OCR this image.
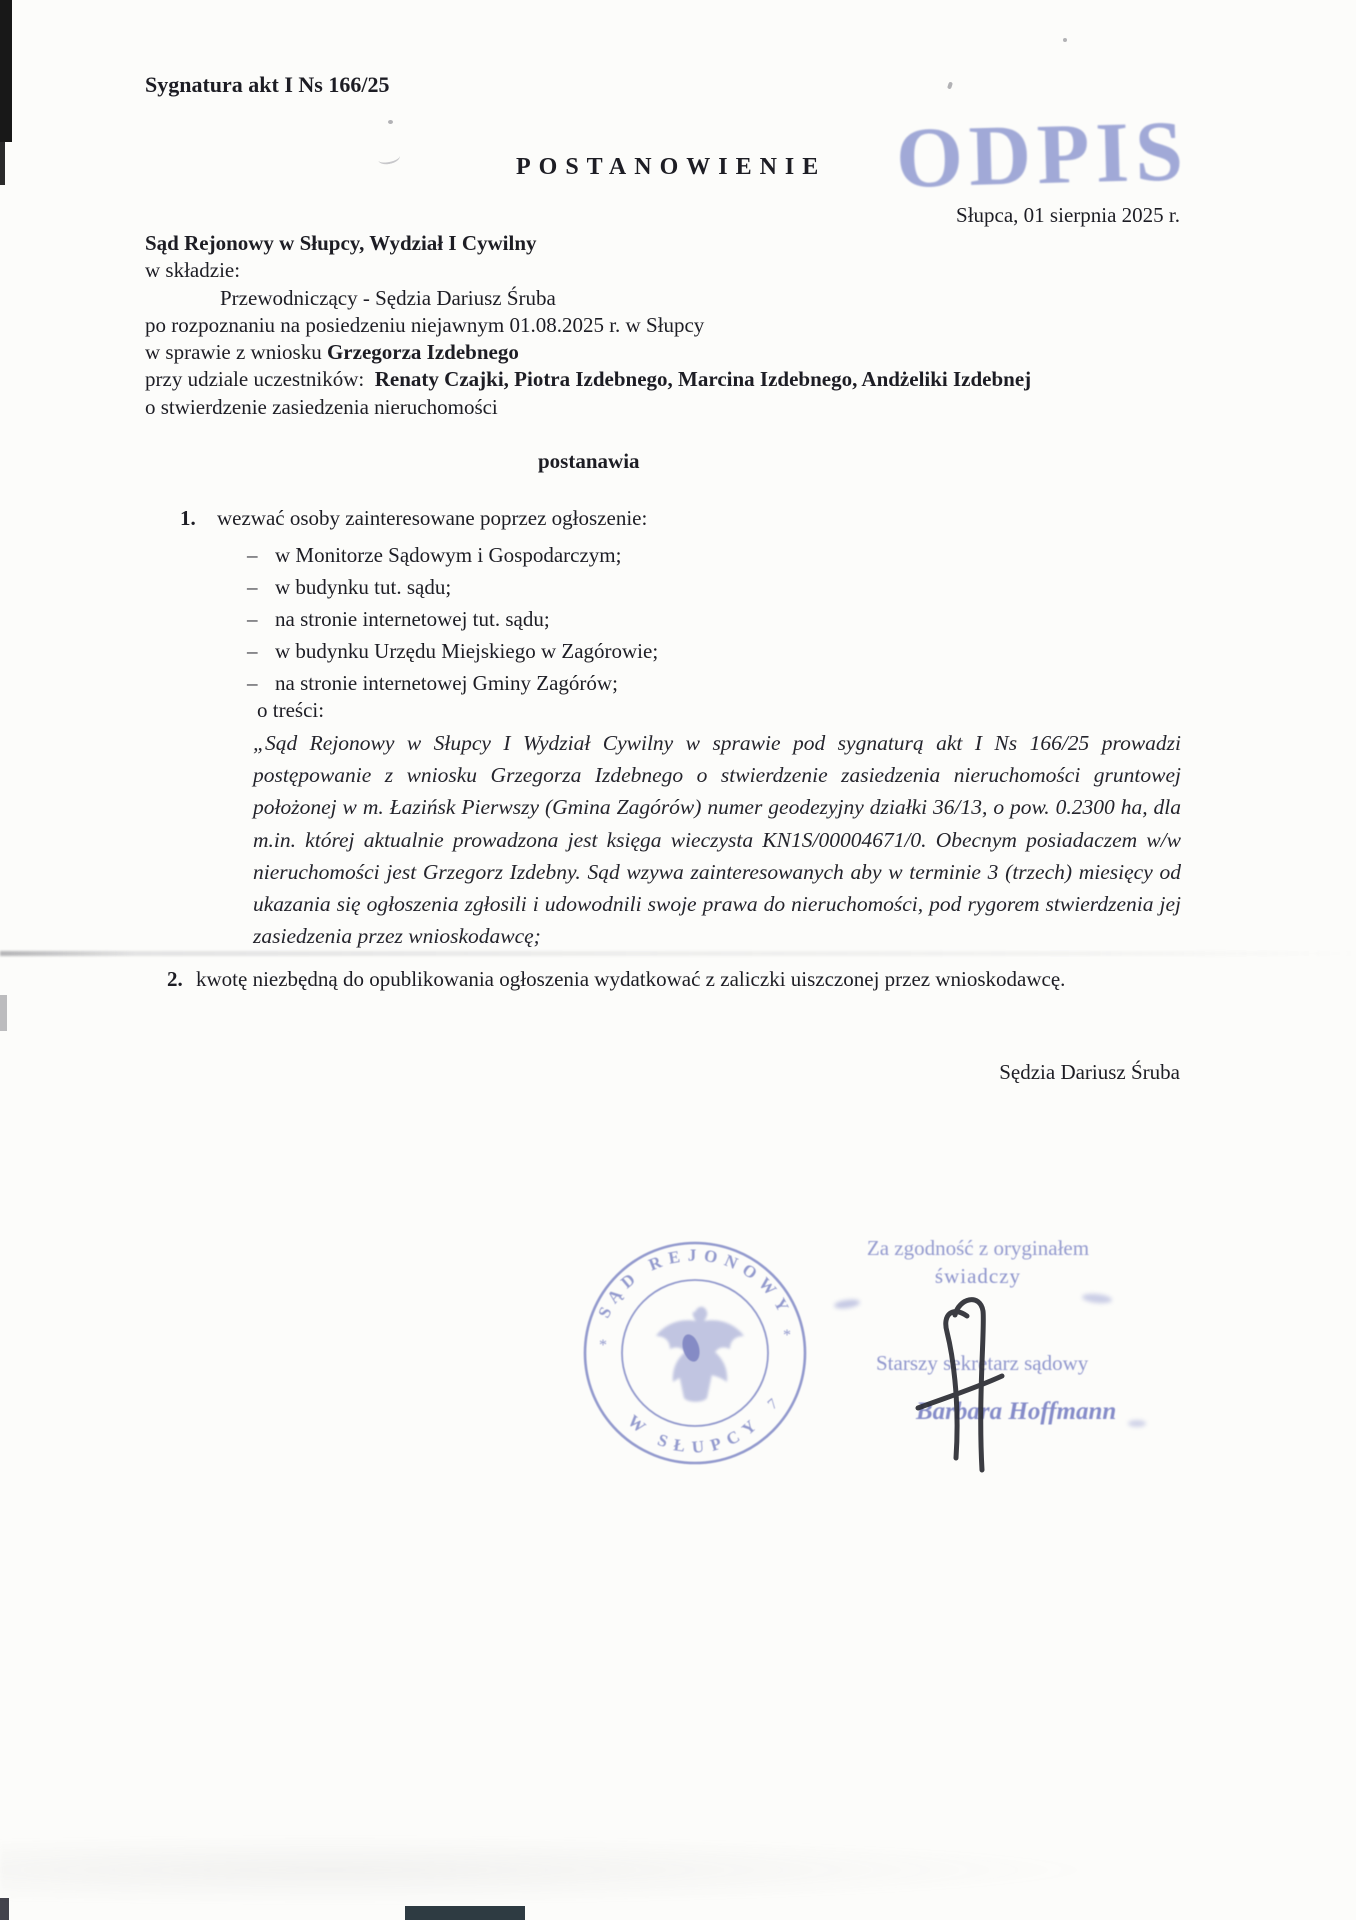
Sygnatura akt I Ns 166/25
POSTANOWIENIE ODPIS
Słupca, 01 sierpnia 2025 r.
Sąd Rejonowy w Słupcy, Wydział I Cywilny
w składzie:
Przewodniczący - Sędzia Dariusz Śruba
po rozpoznaniu na posiedzeniu niejawnym 01.08.2025 r. w Słupcy
w sprawie z wniosku Grzegorza Izdebnego
przy udziale uczestników: Renaty Czajki, Piotra Izdebnego, Marcina Izdebnego, Andżeliki Izdebnej
o stwierdzenie zasiedzenia nieruchomości
postanawia
1. wezwać osoby zainteresowane poprzez ogłoszenie:
– w Monitorze Sądowym i Gospodarczym;
– w budynku tut. sądu;
– na stronie internetowej tut. sądu;
– w budynku Urzędu Miejskiego w Zagórowie;
– na stronie internetowej Gminy Zagórów;
o treści:
„Sąd Rejonowy w Słupcy I Wydział Cywilny w sprawie pod sygnaturą akt I Ns 166/25 prowadzi postępowanie z wniosku Grzegorza Izdebnego o stwierdzenie zasiedzenia nieruchomości gruntowej położonej w m. Łazińsk Pierwszy (Gmina Zagórów) numer geodezyjny działki 36/13, o pow. 0.2300 ha, dla m.in. której aktualnie prowadzona jest księga wieczysta KN1S/00004671/0. Obecnym posiadaczem w/w nieruchomości jest Grzegorz Izdebny. Sąd wzywa zainteresowanych aby w terminie 3 (trzech) miesięcy od ukazania się ogłoszenia zgłosili i udowodnili swoje prawa do nieruchomości, pod rygorem stwierdzenia jej zasiedzenia przez wnioskodawcę;
2. kwotę niezbędną do opublikowania ogłoszenia wydatkować z zaliczki uiszczonej przez wnioskodawcę.
Sędzia Dariusz Śruba
SĄD REJONOWY
W SŁUPCY
*
*
7
Za zgodność z oryginałem
świadczy
Starszy sekretarz sądowy
Barbara Hoffmann
